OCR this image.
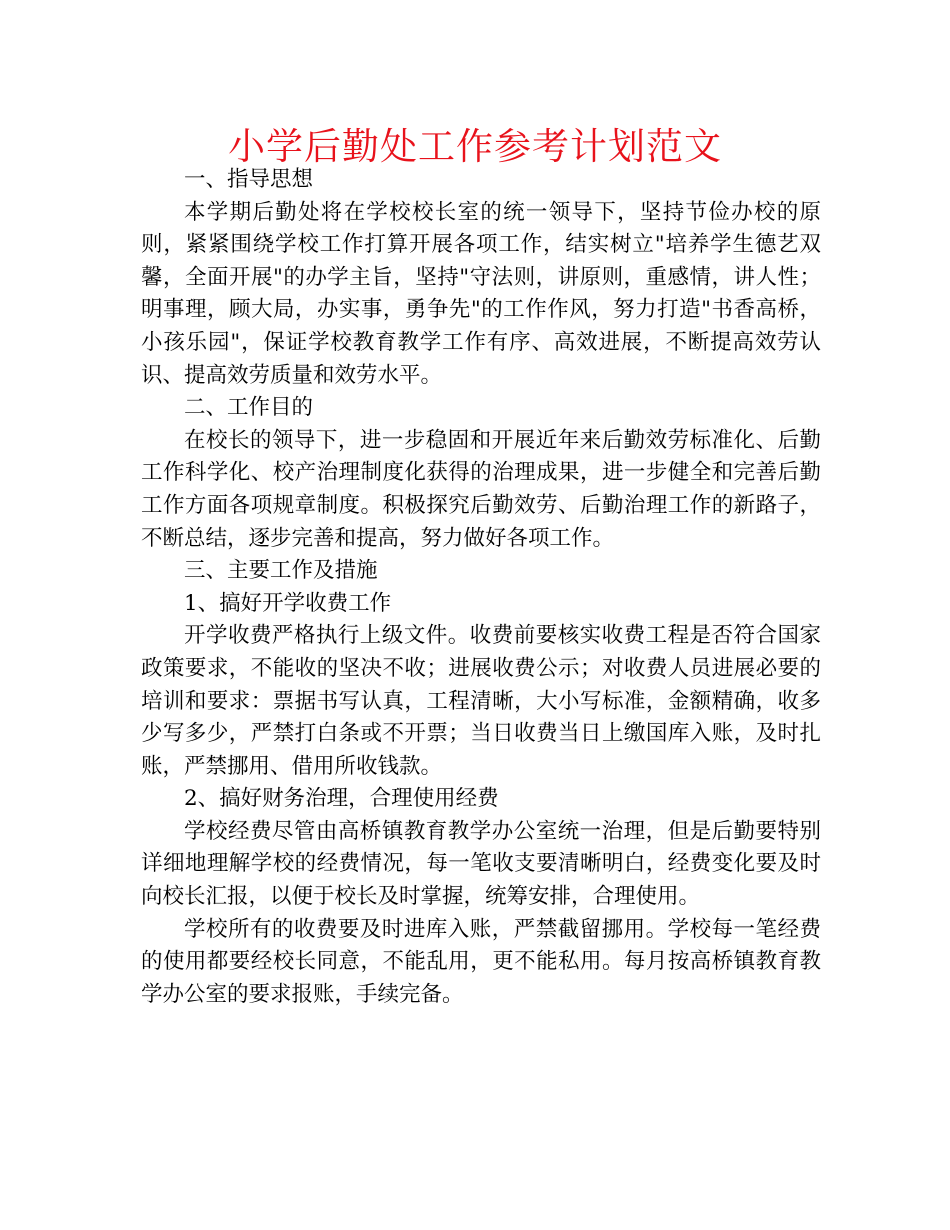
小学后勤处工作参考计划范文

一、指导思想

本学期后勤处将在学校校长室的统一领导下，坚持节俭办校的原则，紧紧围绕学校工作打算开展各项工作，结实树立"培养学生德艺双馨，全面开展"的办学主旨，坚持"守法则，讲原则，重感情，讲人性；明事理，顾大局，办实事，勇争先"的工作作风，努力打造"书香高桥，小孩乐园"，保证学校教育教学工作有序、高效进展，不断提高效劳认识、提高效劳质量和效劳水平。

二、工作目的

在校长的领导下，进一步稳固和开展近年来后勤效劳标准化、后勤工作科学化、校产治理制度化获得的治理成果，进一步健全和完善后勤工作方面各项规章制度。积极探究后勤效劳、后勤治理工作的新路子，不断总结，逐步完善和提高，努力做好各项工作。

三、主要工作及措施

1、搞好开学收费工作

开学收费严格执行上级文件。收费前要核实收费工程是否符合国家政策要求，不能收的坚决不收；进展收费公示；对收费人员进展必要的培训和要求：票据书写认真，工程清晰，大小写标准，金额精确，收多少写多少，严禁打白条或不开票；当日收费当日上缴国库入账，及时扎账，严禁挪用、借用所收钱款。

2、搞好财务治理，合理使用经费

学校经费尽管由高桥镇教育教学办公室统一治理，但是后勤要特别详细地理解学校的经费情况，每一笔收支要清晰明白，经费变化要及时向校长汇报，以便于校长及时掌握，统筹安排，合理使用。

学校所有的收费要及时进库入账，严禁截留挪用。学校每一笔经费的使用都要经校长同意，不能乱用，更不能私用。每月按高桥镇教育教学办公室的要求报账，手续完备。
